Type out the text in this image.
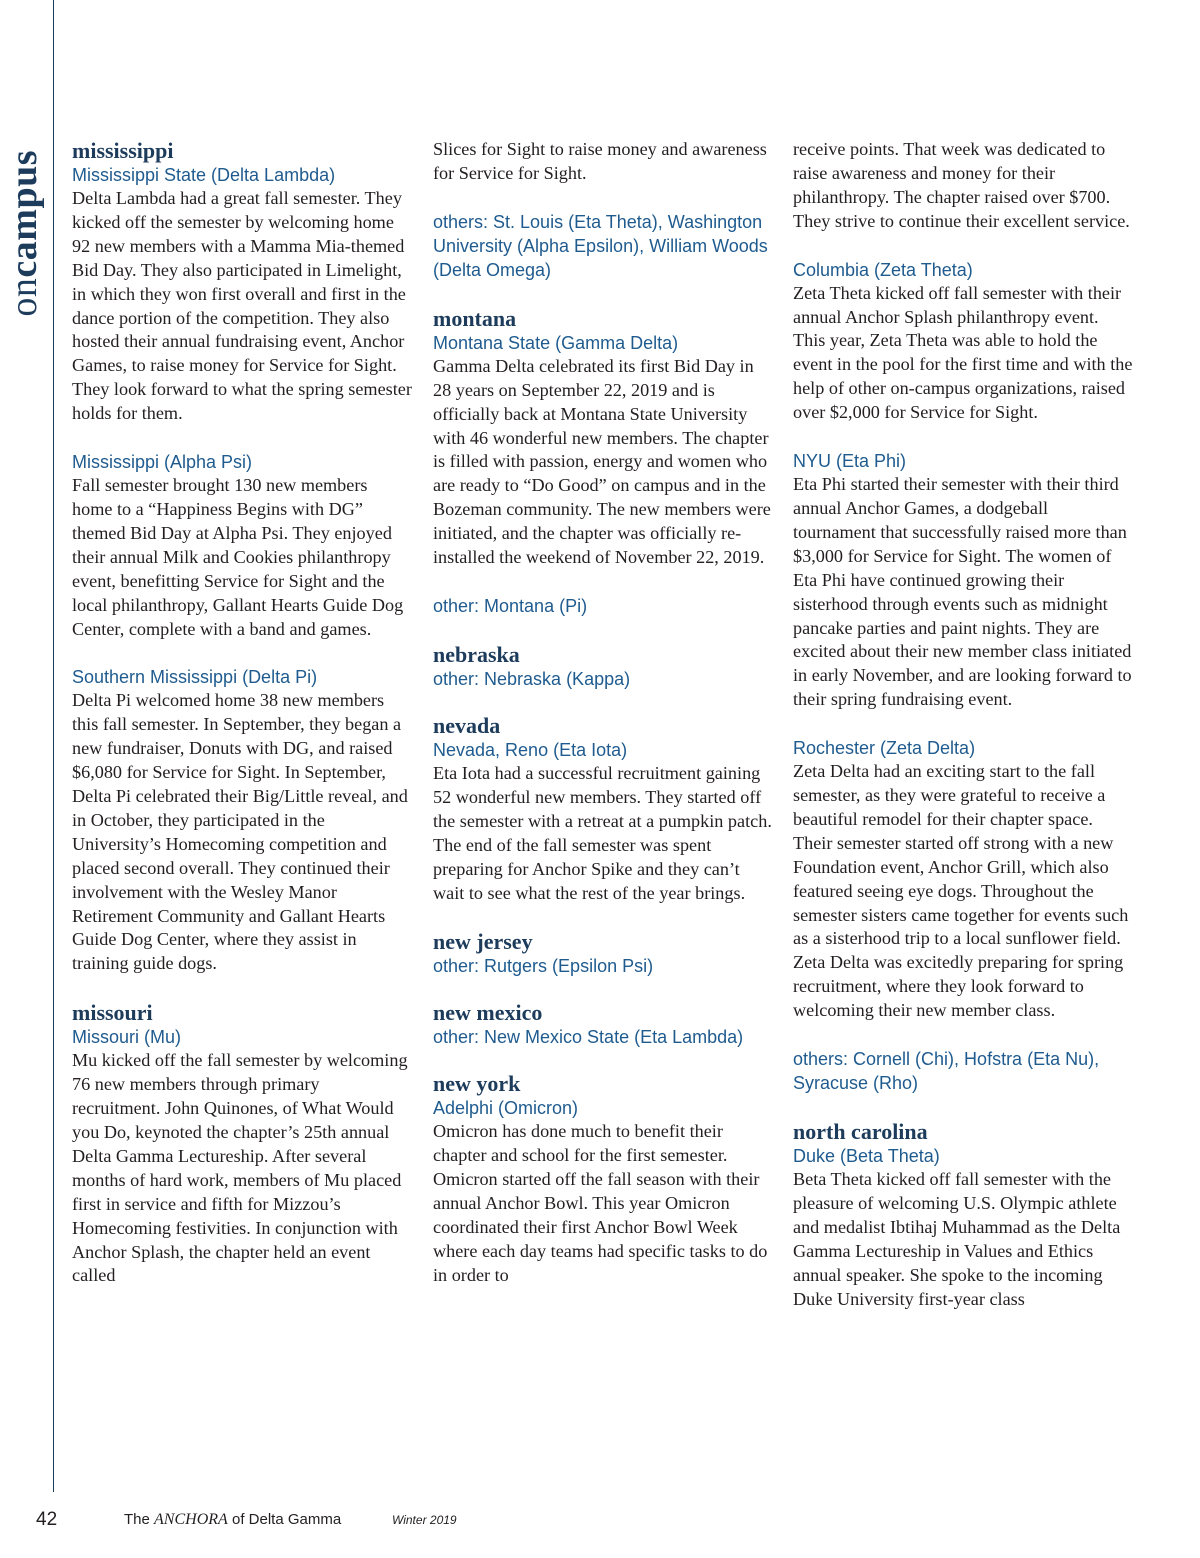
oncampus mississippi

Mississippi State (Delta Lambda)

Delta Lambda had a great fall semester. They kicked off the semester by welcoming home 92 new members with a Mamma Mia-themed Bid Day. They also participated in Limelight, in which they won first overall and first in the dance portion of the competition. They also hosted their annual fundraising event, Anchor Games, to raise money for Service for Sight. They look forward to what the spring semester holds for them.

Mississippi (Alpha Psi)

Fall semester brought 130 new members home to a “Happiness Begins with DG” themed Bid Day at Alpha Psi. They enjoyed their annual Milk and Cookies philanthropy event, benefitting Service for Sight and the local philanthropy, Gallant Hearts Guide Dog Center, complete with a band and games.

Southern Mississippi (Delta Pi)

Delta Pi welcomed home 38 new members this fall semester. In September, they began a new fundraiser, Donuts with DG, and raised $6,080 for Service for Sight. In September, Delta Pi celebrated their Big/Little reveal, and in October, they participated in the University’s Homecoming competition and placed second overall. They continued their involvement with the Wesley Manor Retirement Community and Gallant Hearts Guide Dog Center, where they assist in training guide dogs.

missouri

Missouri (Mu)

Mu kicked off the fall semester by welcoming 76 new members through primary recruitment. John Quinones, of What Would you Do, keynoted the chapter’s 25th annual Delta Gamma Lectureship. After several months of hard work, members of Mu placed first in service and fifth for Mizzou’s Homecoming festivities. In conjunction with Anchor Splash, the chapter held an event called

Slices for Sight to raise money and awareness for Service for Sight.

others: St. Louis (Eta Theta), Washington University (Alpha Epsilon), William Woods (Delta Omega)

montana

Montana State (Gamma Delta)

Gamma Delta celebrated its first Bid Day in 28 years on September 22, 2019 and is officially back at Montana State University with 46 wonderful new members. The chapter is filled with passion, energy and women who are ready to “Do Good” on campus and in the Bozeman community. The new members were initiated, and the chapter was officially re-installed the weekend of November 22, 2019.

other: Montana (Pi)

nebraska

other: Nebraska (Kappa)

nevada

Nevada, Reno (Eta Iota)

Eta Iota had a successful recruitment gaining 52 wonderful new members. They started off the semester with a retreat at a pumpkin patch. The end of the fall semester was spent preparing for Anchor Spike and they can’t wait to see what the rest of the year brings.

new jersey

other: Rutgers (Epsilon Psi)

new mexico

other: New Mexico State (Eta Lambda)

new york

Adelphi (Omicron)

Omicron has done much to benefit their chapter and school for the first semester. Omicron started off the fall season with their annual Anchor Bowl. This year Omicron coordinated their first Anchor Bowl Week where each day teams had specific tasks to do in order to

receive points. That week was dedicated to raise awareness and money for their philanthropy. The chapter raised over $700. They strive to continue their excellent service.

Columbia (Zeta Theta)

Zeta Theta kicked off fall semester with their annual Anchor Splash philanthropy event. This year, Zeta Theta was able to hold the event in the pool for the first time and with the help of other on-campus organizations, raised over $2,000 for Service for Sight.

NYU (Eta Phi)

Eta Phi started their semester with their third annual Anchor Games, a dodgeball tournament that successfully raised more than $3,000 for Service for Sight. The women of Eta Phi have continued growing their sisterhood through events such as midnight pancake parties and paint nights. They are excited about their new member class initiated in early November, and are looking forward to their spring fundraising event.

Rochester (Zeta Delta)

Zeta Delta had an exciting start to the fall semester, as they were grateful to receive a beautiful remodel for their chapter space. Their semester started off strong with a new Foundation event, Anchor Grill, which also featured seeing eye dogs. Throughout the semester sisters came together for events such as a sisterhood trip to a local sunflower field. Zeta Delta was excitedly preparing for spring recruitment, where they look forward to welcoming their new member class.

others: Cornell (Chi), Hofstra (Eta Nu), Syracuse (Rho)

north carolina

Duke (Beta Theta)

Beta Theta kicked off fall semester with the pleasure of welcoming U.S. Olympic athlete and medalist Ibtihaj Muhammad as the Delta Gamma Lectureship in Values and Ethics annual speaker. She spoke to the incoming Duke University first-year class

42	The ANCHORA of Delta Gamma	Winter 2019
